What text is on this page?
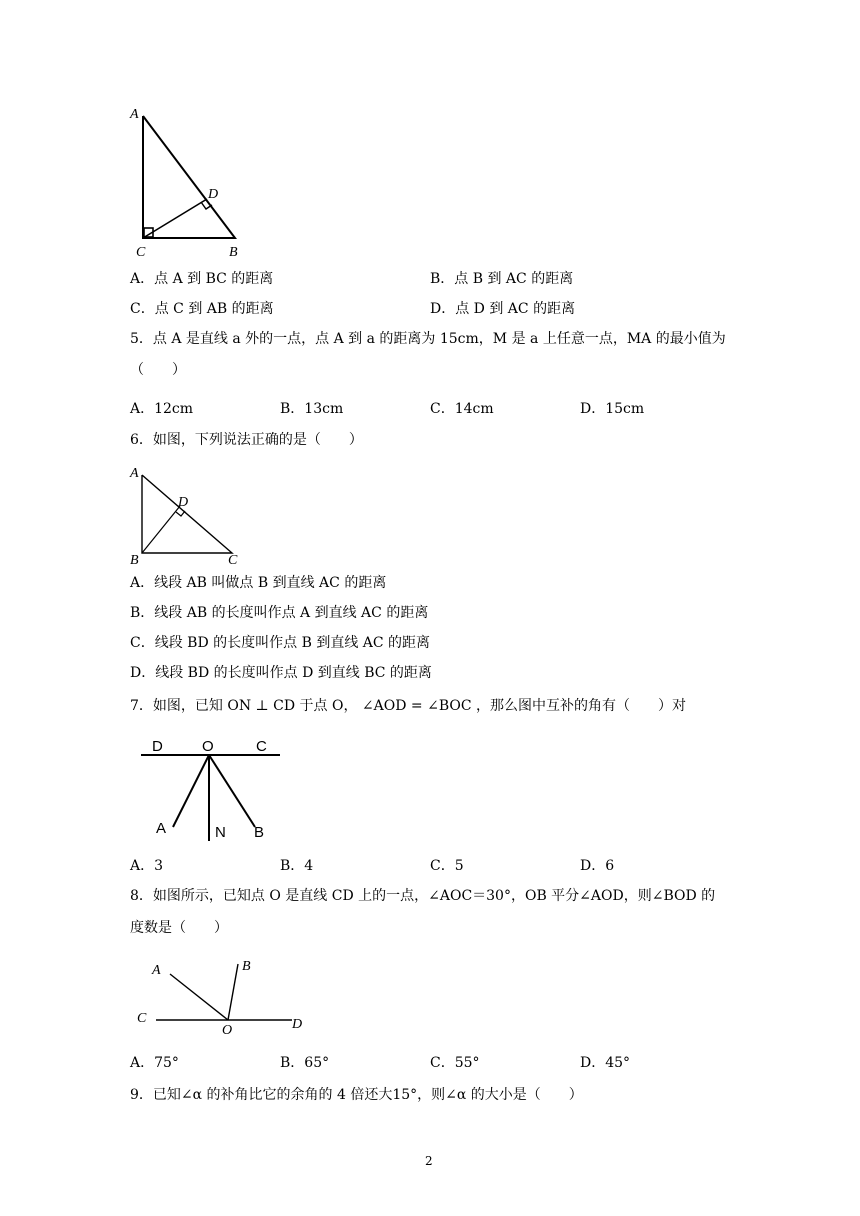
A
D
C	B
A．点 A 到 BC 的距离	B．点 B 到 AC 的距离
C．点 C 到 AB 的距离	D．点 D 到 AC 的距离
5．点 A 是直线 a 外的一点，点 A 到 a 的距离为 15cm，M 是 a 上任意一点，MA 的最小值为
（　　）
A．12cm	B．13cm	C．14cm	D．15cm
6．如图，下列说法正确的是（　　）
A
D
B	C
A．线段 AB 叫做点 B 到直线 AC 的距离
B．线段 AB 的长度叫作点 A 到直线 AC 的距离
C．线段 BD 的长度叫作点 B 到直线 AC 的距离
D．线段 BD 的长度叫作点 D 到直线 BC 的距离
7．如图，已知 ON ⊥ CD 于点 O， ∠AOD = ∠BOC ，那么图中互补的角有（　　）对
D	O	C
A	N B
A．3	B．4	C．5	D．6
8．如图所示，已知点 O 是直线 CD 上的一点，∠AOC＝30°，OB 平分∠AOD，则∠BOD 的
度数是（　　）
A	B
C
O	D
A．75°	B．65°	C．55°	D．45°
9．已知∠α 的补角比它的余角的 4 倍还大15°，则∠α 的大小是（　　）
2
